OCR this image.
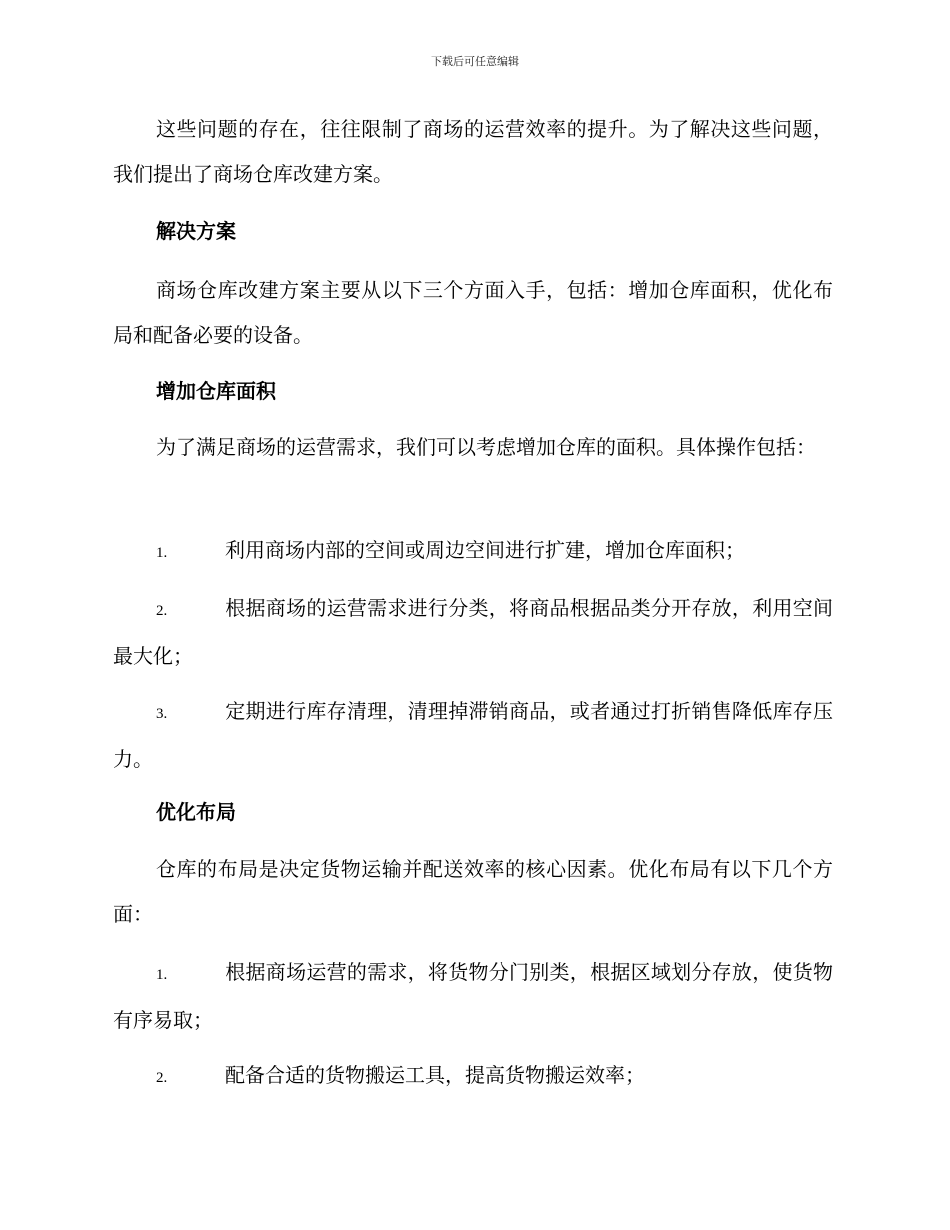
下载后可任意编辑

这些问题的存在，往往限制了商场的运营效率的提升。为了解决这些问题，我们提出了商场仓库改建方案。

解决方案

商场仓库改建方案主要从以下三个方面入手，包括：增加仓库面积，优化布局和配备必要的设备。

增加仓库面积

为了满足商场的运营需求，我们可以考虑增加仓库的面积。具体操作包括：

1.	利用商场内部的空间或周边空间进行扩建，增加仓库面积；

2.	根据商场的运营需求进行分类，将商品根据品类分开存放，利用空间最大化；

3.	定期进行库存清理，清理掉滞销商品，或者通过打折销售降低库存压力。

优化布局

仓库的布局是决定货物运输并配送效率的核心因素。优化布局有以下几个方面：

1.	根据商场运营的需求，将货物分门别类，根据区域划分存放，使货物有序易取；

2.	配备合适的货物搬运工具，提高货物搬运效率；
